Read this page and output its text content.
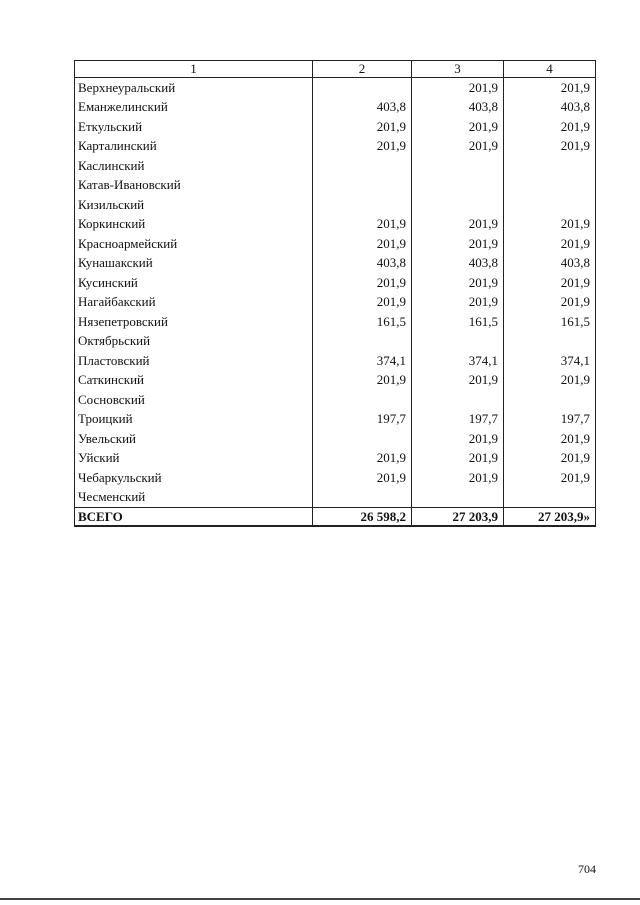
1	2	3	4
Верхнеуральский		201,9	201,9
Еманжелинский	403,8	403,8	403,8
Еткульский	201,9	201,9	201,9
Карталинский	201,9	201,9	201,9
Каслинский			
Катав-Ивановский			
Кизильский			
Коркинский	201,9	201,9	201,9
Красноармейский	201,9	201,9	201,9
Кунашакский	403,8	403,8	403,8
Кусинский	201,9	201,9	201,9
Нагайбакский	201,9	201,9	201,9
Нязепетровский	161,5	161,5	161,5
Октябрьский			
Пластовский	374,1	374,1	374,1
Саткинский	201,9	201,9	201,9
Сосновский			
Троицкий	197,7	197,7	197,7
Увельский		201,9	201,9
Уйский	201,9	201,9	201,9
Чебаркульский	201,9	201,9	201,9
Чесменский			
ВСЕГО	26 598,2	27 203,9	27 203,9»
704
